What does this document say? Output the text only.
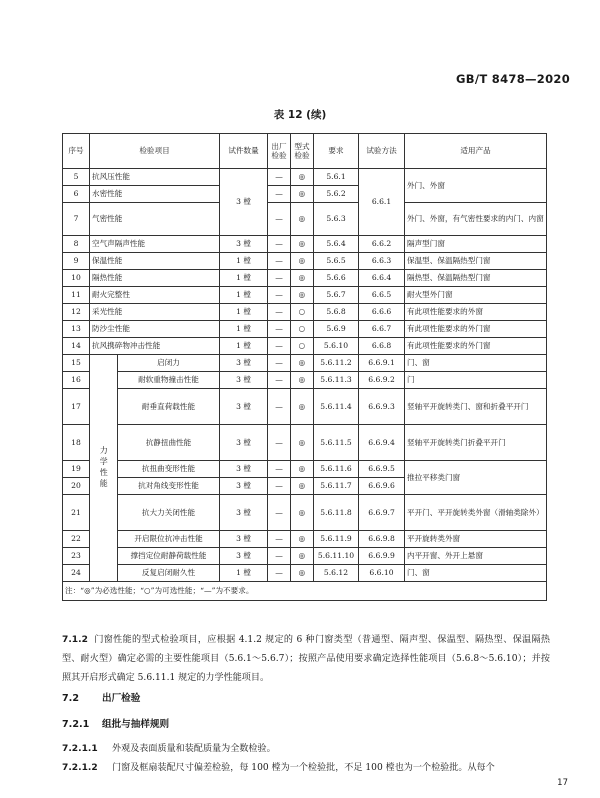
GB/T 8478—2020
表 12 (续)
序号	检验项目		试件数量	出厂检验	型式检验	要求	试验方法	适用产品
5	抗风压性能		3 樘	—	◎	5.6.1	6.6.1	外门、外窗
6	水密性能			—	◎	5.6.2		
7	气密性能			—	◎	5.6.3		外门、外窗，有气密性要求的内门、内窗
8	空气声隔声性能		3 樘	—	◎	5.6.4	6.6.2	隔声型门窗
9	保温性能		1 樘	—	◎	5.6.5	6.6.3	保温型、保温隔热型门窗
10	隔热性能		1 樘	—	◎	5.6.6	6.6.4	隔热型、保温隔热型门窗
11	耐火完整性		1 樘	—	◎	5.6.7	6.6.5	耐火型外门窗
12	采光性能		1 樘	—	○	5.6.8	6.6.6	有此项性能要求的外窗
13	防沙尘性能		1 樘	—	○	5.6.9	6.6.7	有此项性能要求的外门窗
14	抗风携碎物冲击性能		1 樘	—	○	5.6.10	6.6.8	有此项性能要求的外门窗
15	力学性能	启闭力	3 樘	—	◎	5.6.11.2	6.6.9.1	门、窗
16		耐软重物撞击性能	3 樘	—	◎	5.6.11.3	6.6.9.2	门
17		耐垂直荷载性能	3 樘	—	◎	5.6.11.4	6.6.9.3	竖轴平开旋转类门、窗和折叠平开门
18		抗静扭曲性能	3 樘	—	◎	5.6.11.5	6.6.9.4	竖轴平开旋转类门折叠平开门
19		抗扭曲变形性能	3 樘	—	◎	5.6.11.6	6.6.9.5	推拉平移类门窗
20		抗对角线变形性能	3 樘	—	◎	5.6.11.7	6.6.9.6	
21		抗大力关闭性能	3 樘	—	◎	5.6.11.8	6.6.9.7	平开门、平开旋转类外窗（滑轴类除外）
22		开启限位抗冲击性能	3 樘	—	◎	5.6.11.9	6.6.9.8	平开旋转类外窗
23		撑挡定位耐静荷载性能	3 樘	—	◎	5.6.11.10	6.6.9.9	内平开窗、外开上悬窗
24		反复启闭耐久性	1 樘	—	◎	5.6.12	6.6.10	门、窗
注：“◎”为必选性能；“○”为可选性能；“—”为不要求。								
7.1.2 门窗性能的型式检验项目，应根据 4.1.2 规定的 6 种门窗类型（普通型、隔声型、保温型、隔热型、保温隔热型、耐火型）确定必需的主要性能项目（5.6.1～5.6.7）；按照产品使用要求确定选择性能项目（5.6.8～5.6.10）；并按照其开启形式确定 5.6.11.1 规定的力学性能项目。
7.2 出厂检验
7.2.1 组批与抽样规则
7.2.1.1 外观及表面质量和装配质量为全数检验。
7.2.1.2 门窗及框扇装配尺寸偏差检验，每 100 樘为一个检验批，不足 100 樘也为一个检验批。从每个
17
